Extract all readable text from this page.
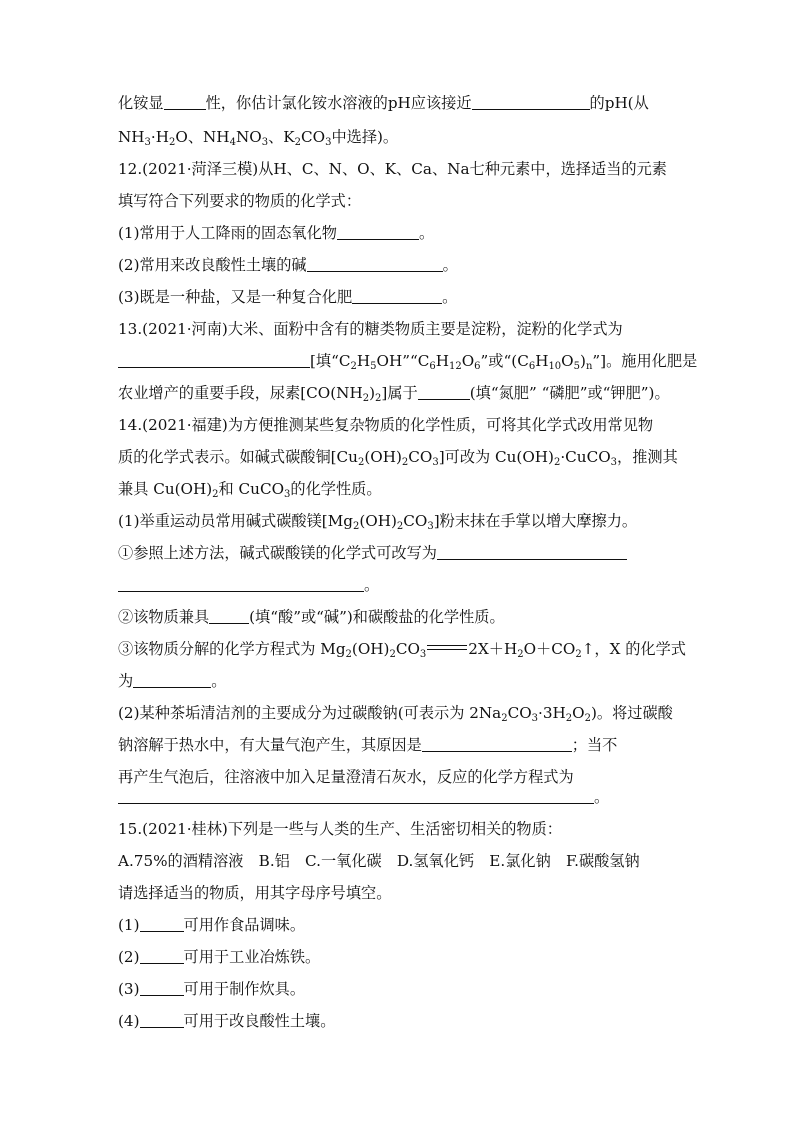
化铵显	性，你估计氯化铵水溶液的pH应该接近	的pH(从
$NH_3\cdot H_2O$、$NH_4NO_3$、$K_2CO_3$中选择)。
12.(2021·菏泽三模)从H、C、N、O、K、Ca、Na七种元素中，选择适当的元素
填写符合下列要求的物质的化学式：
(1)常用于人工降雨的固态氧化物	。
(2)常用来改良酸性土壤的碱	。
(3)既是一种盐，又是一种复合化肥	。
13.(2021·河南)大米、面粉中含有的糖类物质主要是淀粉，淀粉的化学式为
[填“$C_2H_5OH”“C_6H_{12}O_6$”或“$(C_6H_{10}O_5)_n$”]。施用化肥是
农业增产的重要手段，尿素$[CO(NH_2)_2]$属于	(填“氮肥” “磷肥”或“钾肥”)。
14.(2021·福建)为方便推测某些复杂物质的化学性质，可将其化学式改用常见物
质的化学式表示。如碱式碳酸铜$[Cu_2(OH)_2CO_3]$可改为 $Cu(OH)_2\cdot CuCO_3$，推测其
兼具 $Cu(OH)_2$和 CuCO$_3$的化学性质。
(1)举重运动员常用碱式碳酸镁$[Mg_2(OH)_2CO_3]$粉末抹在手掌以增大摩擦力。
①参照上述方法，碱式碳酸镁的化学式可改写为
。
②该物质兼具	(填“酸”或“碱”)和碳酸盐的化学性质。
③该物质分解的化学方程式为 $Mg_2(OH)_2CO_3$	$2X+H_2O+CO_2↑$，X 的化学式
为	。
(2)某种茶垢清洁剂的主要成分为过碳酸钠(可表示为 $2Na_2CO_3\cdot 3H_2O_2$)。将过碳酸
钠溶解于热水中，有大量气泡产生，其原因是	；当不
再产生气泡后，往溶液中加入足量澄清石灰水，反应的化学方程式为
。
15.(2021·桂林)下列是一些与人类的生产、生活密切相关的物质：
A.75%的酒精溶液　B.铝　C.一氧化碳　D.氢氧化钙　E.氯化钠　F.碳酸氢钠
请选择适当的物质，用其字母序号填空。
(1)	可用作食品调味。
(2)	可用于工业冶炼铁。
(3)	可用于制作炊具。
(4)	可用于改良酸性土壤。
